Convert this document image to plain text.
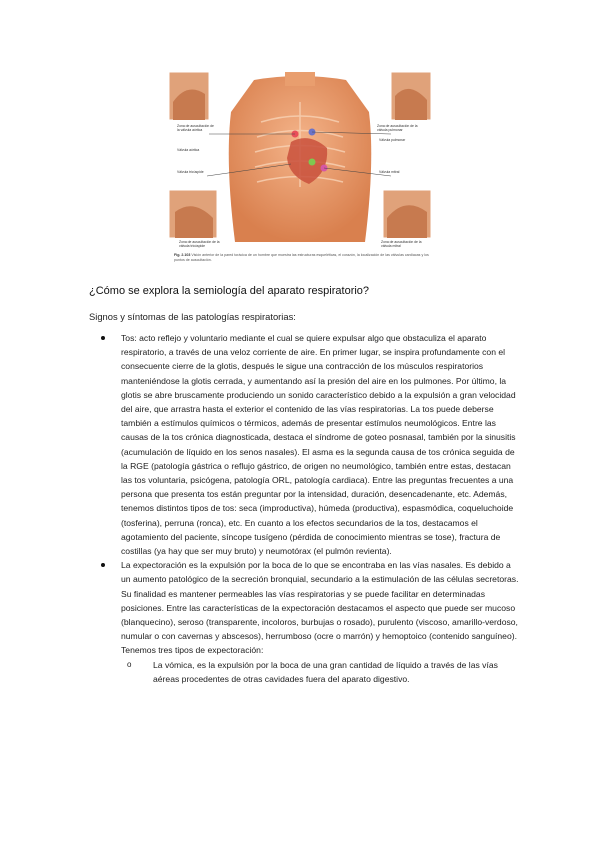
Zona de auscultación de la válvula aórtica
Zona de auscultación de la válvula pulmonar
Válvula aórtica
Válvula pulmonar
Válvula tricúspide	Válvula mitral
Zona de auscultación de la válvula tricúspide
Zona de auscultación de la válvula mitral
Fig. 2.103 Visión anterior de la pared torácica de un hombre que muestra las estructuras esqueléticas, el corazón, la localización de las válvulas cardíacas y los puntos de auscultación.
¿Cómo se explora la semiología del aparato respiratorio?
Signos y síntomas de las patologías respiratorias:
Tos: acto reflejo y voluntario mediante el cual se quiere expulsar algo que obstaculiza el aparato respiratorio, a través de una veloz corriente de aire. En primer lugar, se inspira profundamente con el consecuente cierre de la glotis, después le sigue una contracción de los músculos respiratorios manteniéndose la glotis cerrada, y aumentando así la presión del aire en los pulmones. Por último, la glotis se abre bruscamente produciendo un sonido característico debido a la expulsión a gran velocidad del aire, que arrastra hasta el exterior el contenido de las vías respiratorias. La tos puede deberse también a estímulos químicos o térmicos, además de presentar estímulos neumológicos. Entre las causas de la tos crónica diagnosticada, destaca el síndrome de goteo posnasal, también por la sinusitis (acumulación de líquido en los senos nasales). El asma es la segunda causa de tos crónica seguida de la RGE (patología gástrica o reflujo gástrico, de origen no neumológico, también entre estas, destacan las tos voluntaria, psicógena, patología ORL, patología cardiaca). Entre las preguntas frecuentes a una persona que presenta tos están preguntar por la intensidad, duración, desencadenante, etc. Además, tenemos distintos tipos de tos: seca (improductiva), húmeda (productiva), espasmódica, coqueluchoide (tosferina), perruna (ronca), etc. En cuanto a los efectos secundarios de la tos, destacamos el agotamiento del paciente, síncope tusígeno (pérdida de conocimiento mientras se tose), fractura de costillas (ya hay que ser muy bruto) y neumotórax (el pulmón revienta).
La expectoración es la expulsión por la boca de lo que se encontraba en las vías nasales. Es debido a un aumento patológico de la secreción bronquial, secundario a la estimulación de las células secretoras. Su finalidad es mantener permeables las vías respiratorias y se puede facilitar en determinadas posiciones. Entre las características de la expectoración destacamos el aspecto que puede ser mucoso (blanquecino), seroso (transparente, incoloros, burbujas o rosado), purulento (viscoso, amarillo-verdoso, numular o con cavernas y abscesos), herrumboso (ocre o marrón) y hemoptoico (contenido sanguíneo). Tenemos tres tipos de expectoración:
o	La vómica, es la expulsión por la boca de una gran cantidad de líquido a través de las vías aéreas procedentes de otras cavidades fuera del aparato digestivo.
